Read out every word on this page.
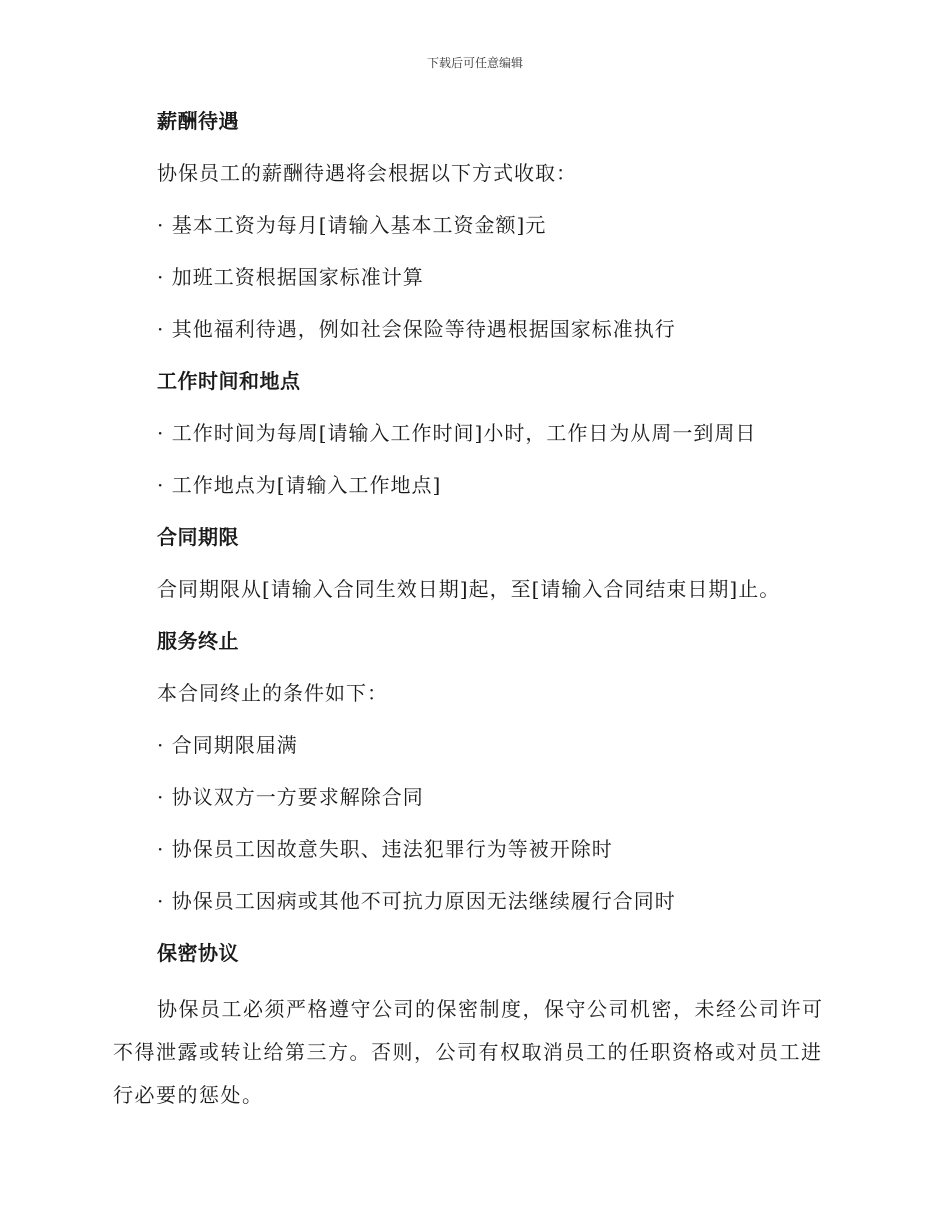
下载后可任意编辑
薪酬待遇
协保员工的薪酬待遇将会根据以下方式收取：
· 基本工资为每月[请输入基本工资金额]元
· 加班工资根据国家标准计算
· 其他福利待遇，例如社会保险等待遇根据国家标准执行
工作时间和地点
· 工作时间为每周[请输入工作时间]小时，工作日为从周一到周日
· 工作地点为[请输入工作地点]
合同期限
合同期限从[请输入合同生效日期]起，至[请输入合同结束日期]止。
服务终止
本合同终止的条件如下：
· 合同期限届满
· 协议双方一方要求解除合同
· 协保员工因故意失职、违法犯罪行为等被开除时
· 协保员工因病或其他不可抗力原因无法继续履行合同时
保密协议
协保员工必须严格遵守公司的保密制度，保守公司机密，未经公司许可不得泄露或转让给第三方。否则，公司有权取消员工的任职资格或对员工进行必要的惩处。
